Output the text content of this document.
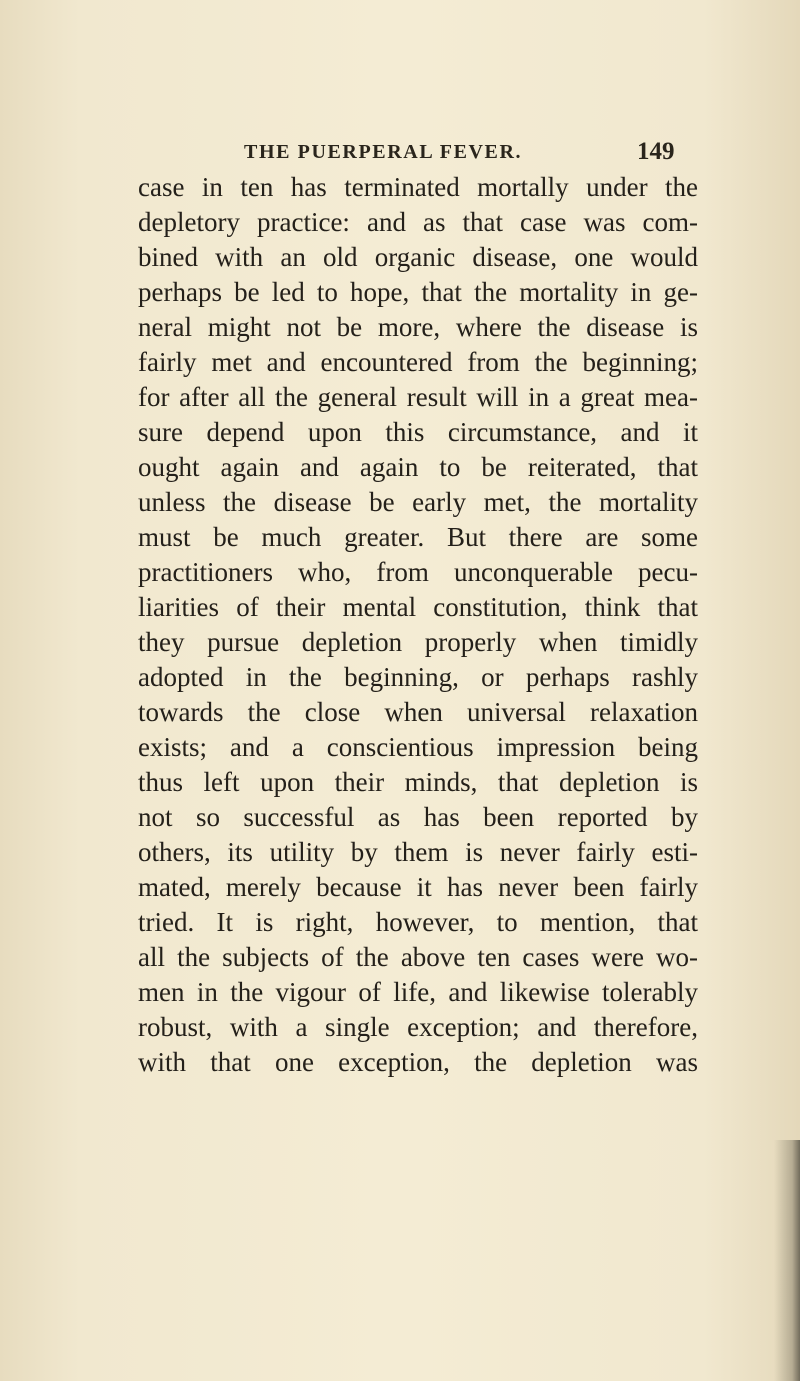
THE PUERPERAL FEVER.	149
case in ten has terminated mortally under the
depletory practice: and as that case was com-
bined with an old organic disease, one would
perhaps be led to hope, that the mortality in ge-
neral might not be more, where the disease is
fairly met and encountered from the beginning;
for after all the general result will in a great mea-
sure depend upon this circumstance, and it
ought again and again to be reiterated, that
unless the disease be early met, the mortality
must be much greater. But there are some
practitioners who, from unconquerable pecu-
liarities of their mental constitution, think that
they pursue depletion properly when timidly
adopted in the beginning, or perhaps rashly
towards the close when universal relaxation
exists; and a conscientious impression being
thus left upon their minds, that depletion is
not so successful as has been reported by
others, its utility by them is never fairly esti-
mated, merely because it has never been fairly
tried. It is right, however, to mention, that
all the subjects of the above ten cases were wo-
men in the vigour of life, and likewise tolerably
robust, with a single exception; and therefore,
with that one exception, the depletion was
